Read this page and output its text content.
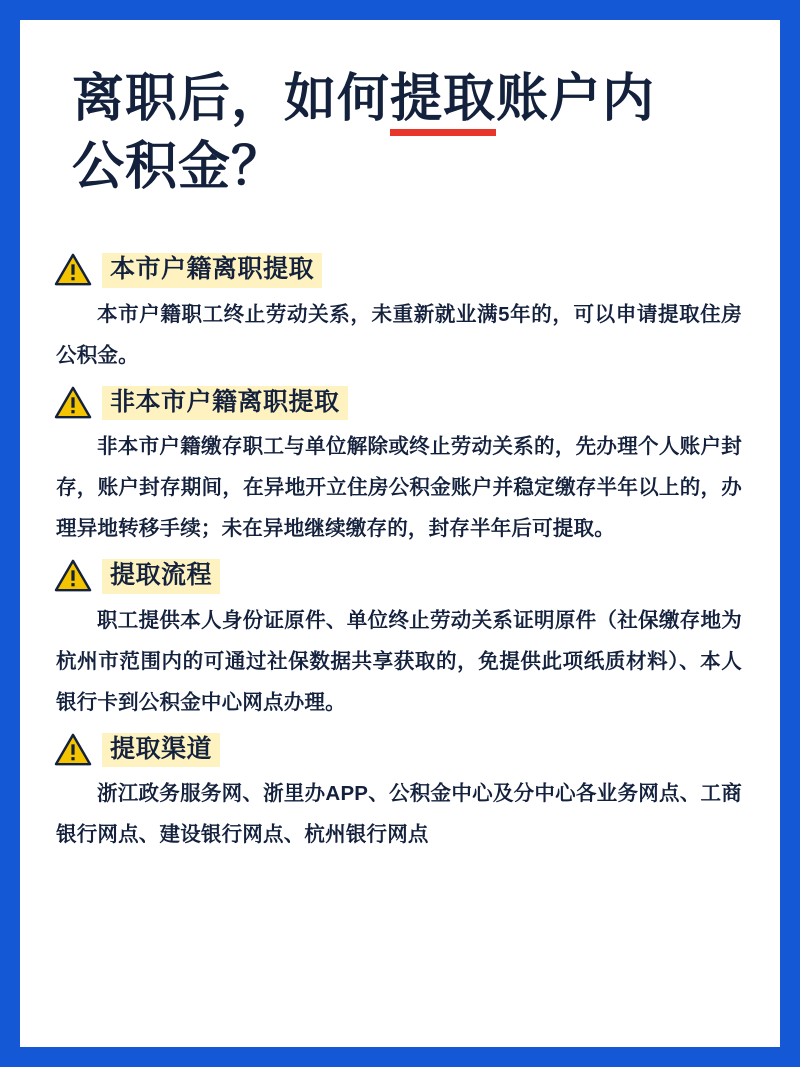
离职后，如何提取账户内
公积金？
本市户籍离职提取

本市户籍职工终止劳动关系，未重新就业满5年的，可以申请提取住房公积金。

非本市户籍离职提取

非本市户籍缴存职工与单位解除或终止劳动关系的，先办理个人账户封存，账户封存期间，在异地开立住房公积金账户并稳定缴存半年以上的，办理异地转移手续；未在异地继续缴存的，封存半年后可提取。

提取流程

职工提供本人身份证原件、单位终止劳动关系证明原件（社保缴存地为杭州市范围内的可通过社保数据共享获取的，免提供此项纸质材料）、本人银行卡到公积金中心网点办理。

提取渠道

浙江政务服务网、浙里办APP、公积金中心及分中心各业务网点、工商银行网点、建设银行网点、杭州银行网点
